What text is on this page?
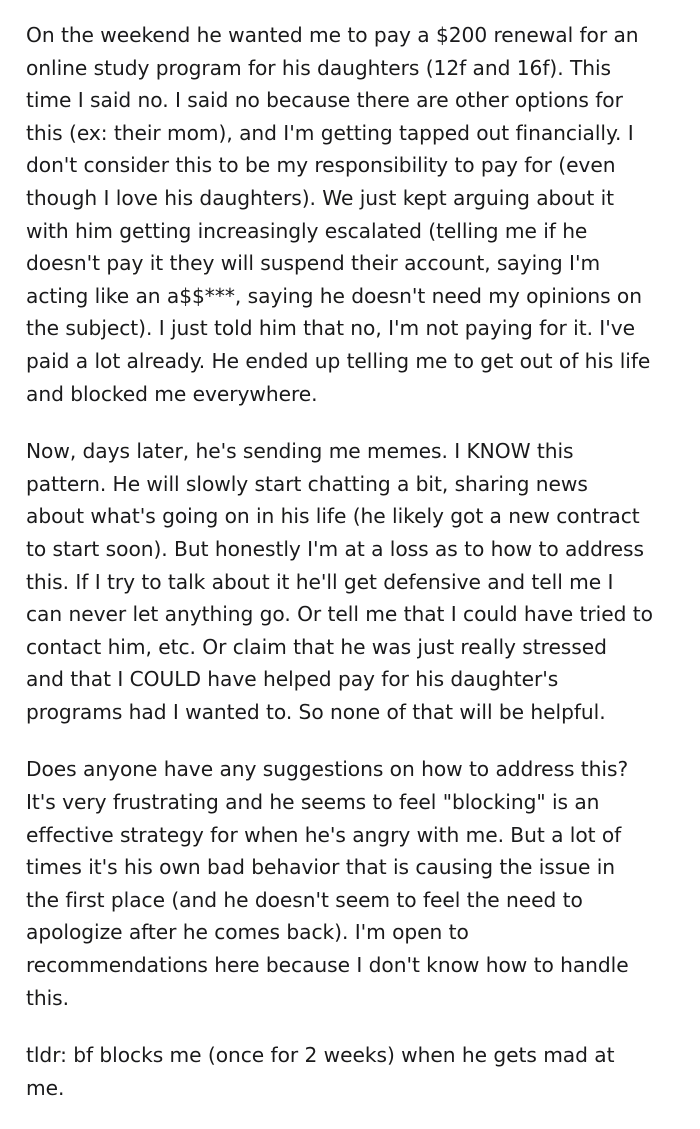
On the weekend he wanted me to pay a $200 renewal for an
online study program for his daughters (12f and 16f). This
time I said no. I said no because there are other options for
this (ex: their mom), and I'm getting tapped out financially. I
don't consider this to be my responsibility to pay for (even
though I love his daughters). We just kept arguing about it
with him getting increasingly escalated (telling me if he
doesn't pay it they will suspend their account, saying I'm
acting like an a$$***, saying he doesn't need my opinions on
the subject). I just told him that no, I'm not paying for it. I've
paid a lot already. He ended up telling me to get out of his life
and blocked me everywhere.

Now, days later, he's sending me memes. I KNOW this
pattern. He will slowly start chatting a bit, sharing news
about what's going on in his life (he likely got a new contract
to start soon). But honestly I'm at a loss as to how to address
this. If I try to talk about it he'll get defensive and tell me I
can never let anything go. Or tell me that I could have tried to
contact him, etc. Or claim that he was just really stressed
and that I COULD have helped pay for his daughter's
programs had I wanted to. So none of that will be helpful.

Does anyone have any suggestions on how to address this?
It's very frustrating and he seems to feel "blocking" is an
effective strategy for when he's angry with me. But a lot of
times it's his own bad behavior that is causing the issue in
the first place (and he doesn't seem to feel the need to
apologize after he comes back). I'm open to
recommendations here because I don't know how to handle
this.

tldr: bf blocks me (once for 2 weeks) when he gets mad at
me.
